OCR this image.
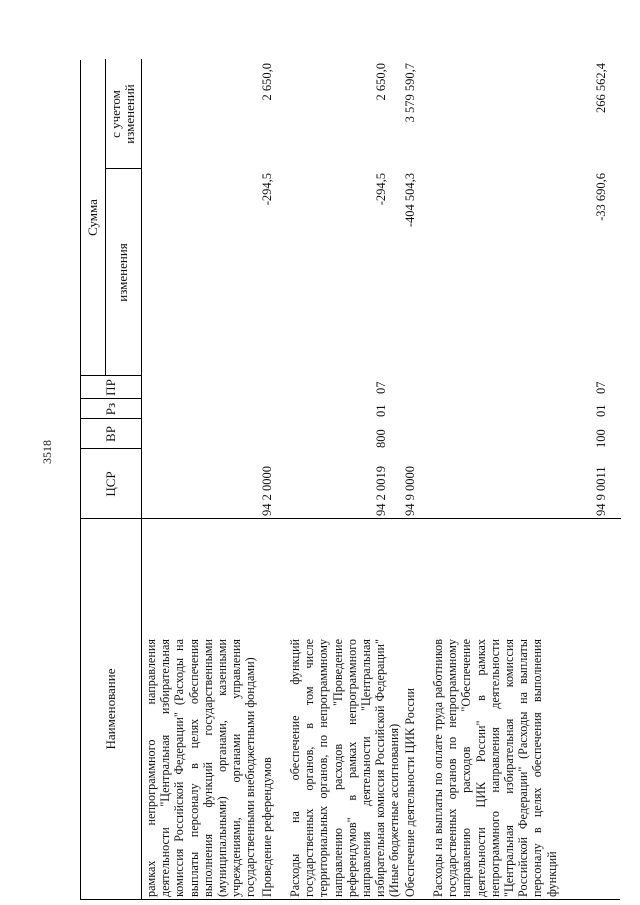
3518
Наименование
ЦСР
ВР
Рз
ПР
Сумма
изменения
с учетом изменений
рамках непрограммного направления деятельности "Центральная избирательная комиссия Российской Федерации" (Расходы на выплаты персоналу в целях обеспечения выполнения функций государственными (муниципальными) органами, казенными учреждениями, органами управления государственными внебюджетными фондами) Проведение референдумов
94 2 0000
-294,5
2 650,0
Расходы на обеспечение функций государственных органов, в том числе территориальных органов, по непрограммному направлению расходов "Проведение референдумов" в рамках непрограммного направления деятельности "Центральная избирательная комиссия Российской Федерации" (Иные бюджетные ассигнования)
94 2 0019
800
01
07
-294,5
2 650,0
Обеспечение деятельности ЦИК России
94 9 0000
-404 504,3
3 579 590,7
Расходы на выплаты по оплате труда работников государственных органов по непрограммному направлению расходов "Обеспечение деятельности ЦИК России" в рамках непрограммного направления деятельности "Центральная избирательная комиссия Российской Федерации" (Расходы на выплаты персоналу в целях обеспечения выполнения функций
94 9 0011
100
01
07
-33 690,6
266 562,4
